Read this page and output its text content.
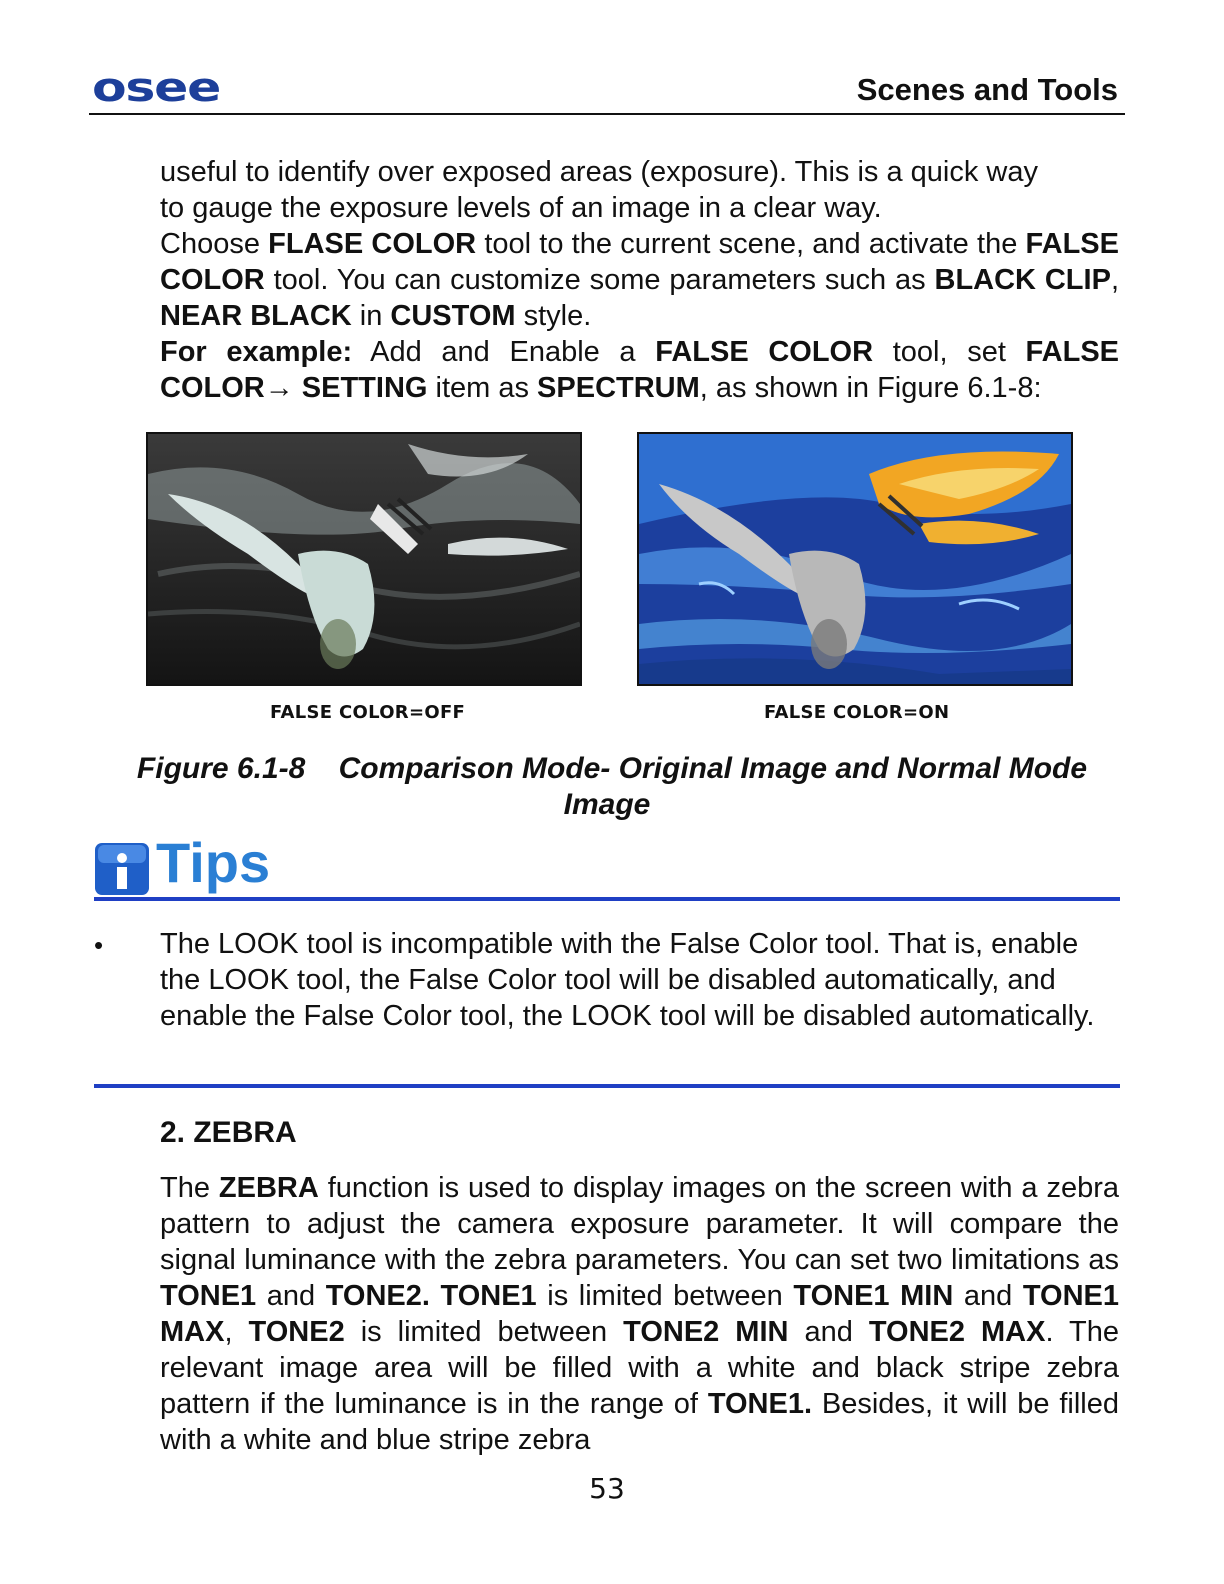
osee	Scenes and Tools
useful to identify over exposed areas (exposure). This is a quick way
to gauge the exposure levels of an image in a clear way.
Choose FLASE COLOR tool to the current scene, and activate the FALSE COLOR tool. You can customize some parameters such as BLACK CLIP, NEAR BLACK in CUSTOM style.
For example: Add and Enable a FALSE COLOR tool, set FALSE COLOR→ SETTING item as SPECTRUM, as shown in Figure 6.1-8:
FALSE COLOR=OFF	FALSE COLOR=ON
Figure 6.1-8    Comparison Mode- Original Image and Normal Mode
Image
Tips
• The LOOK tool is incompatible with the False Color tool. That is, enable the LOOK tool, the False Color tool will be disabled automatically, and enable the False Color tool, the LOOK tool will be disabled automatically.
2. ZEBRA
The ZEBRA function is used to display images on the screen with a zebra pattern to adjust the camera exposure parameter. It will compare the signal luminance with the zebra parameters. You can set two limitations as TONE1 and TONE2. TONE1 is limited between TONE1 MIN and TONE1 MAX, TONE2 is limited between TONE2 MIN and TONE2 MAX. The relevant image area will be filled with a white and black stripe zebra pattern if the luminance is in the range of TONE1. Besides, it will be filled with a white and blue stripe zebra
53
